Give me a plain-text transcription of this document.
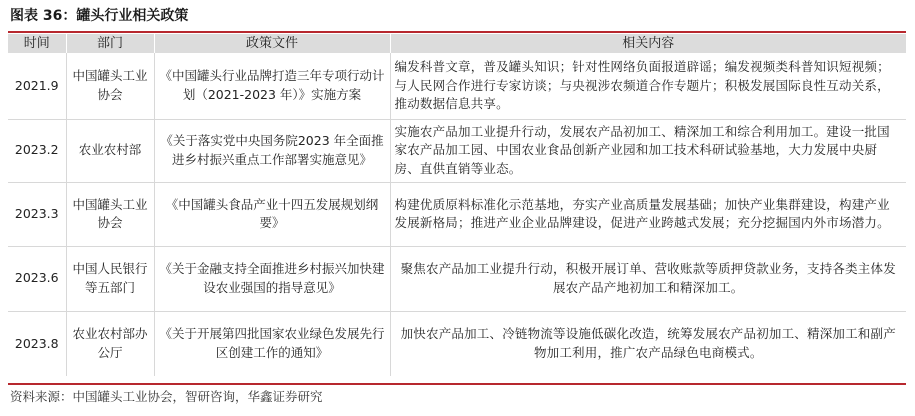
图表 36：罐头行业相关政策
时间	部门	政策文件	相关内容
2021.9	中国罐头工业协会	《中国罐头行业品牌打造三年专项行动计划（2021-2023 年）》实施方案	编发科普文章，普及罐头知识；针对性网络负面报道辟谣；编发视频类科普知识短视频；与人民网合作进行专家访谈；与央视涉农频道合作专题片；积极发展国际良性互动关系，推动数据信息共享。
2023.2	农业农村部	《关于落实党中央国务院2023 年全面推进乡村振兴重点工作部署实施意见》	实施农产品加工业提升行动，发展农产品初加工、精深加工和综合利用加工。建设一批国家农产品加工园、中国农业食品创新产业园和加工技术科研试验基地，大力发展中央厨房、直供直销等业态。
2023.3	中国罐头工业协会	《中国罐头食品产业十四五发展规划纲要》	构建优质原料标准化示范基地，夯实产业高质量发展基础；加快产业集群建设，构建产业发展新格局；推进产业企业品牌建设，促进产业跨越式发展；充分挖掘国内外市场潜力。
2023.6	中国人民银行等五部门	《关于金融支持全面推进乡村振兴加快建设农业强国的指导意见》	聚焦农产品加工业提升行动，积极开展订单、营收账款等质押贷款业务，支持各类主体发展农产品产地初加工和精深加工。
2023.8	农业农村部办公厅	《关于开展第四批国家农业绿色发展先行区创建工作的通知》	加快农产品加工、冷链物流等设施低碳化改造，统筹发展农产品初加工、精深加工和副产物加工利用，推广农产品绿色电商模式。
资料来源：中国罐头工业协会，智研咨询，华鑫证券研究
